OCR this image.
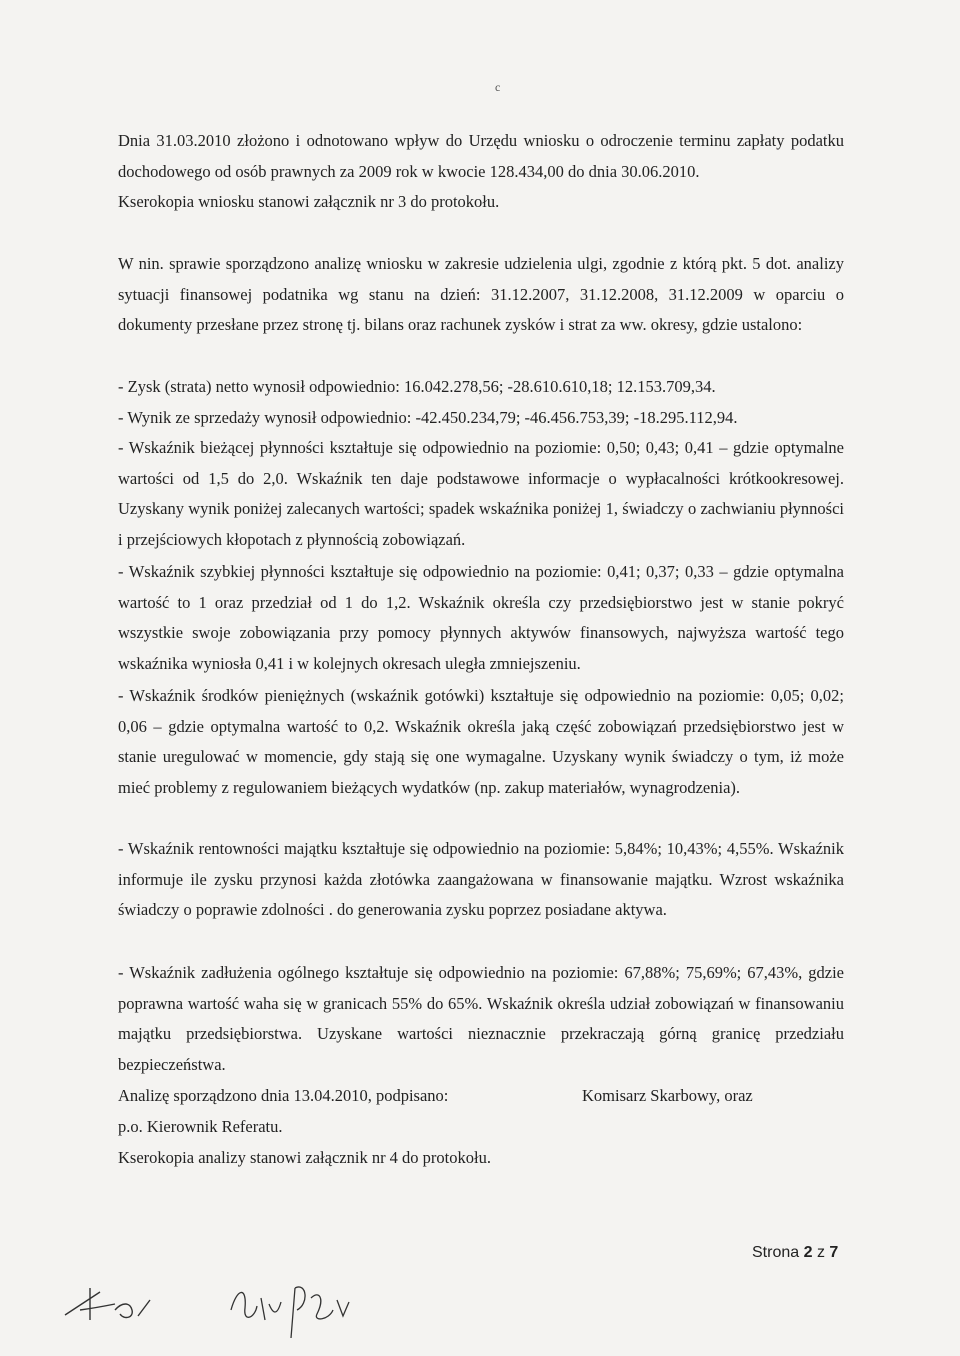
c

Dnia 31.03.2010 złożono i odnotowano wpływ do Urzędu wniosku o odroczenie terminu zapłaty podatku dochodowego od osób prawnych za 2009 rok w kwocie 128.434,00 do dnia 30.06.2010.

Kserokopia wniosku stanowi załącznik nr 3 do protokołu.

W nin. sprawie sporządzono analizę wniosku w zakresie udzielenia ulgi, zgodnie z którą pkt. 5 dot. analizy sytuacji finansowej podatnika wg stanu na dzień: 31.12.2007, 31.12.2008, 31.12.2009 w oparciu o dokumenty przesłane przez stronę tj. bilans oraz rachunek zysków i strat za ww. okresy, gdzie ustalono:

- Zysk (strata) netto wynosił odpowiednio: 16.042.278,56; -28.610.610,18; 12.153.709,34.

- Wynik ze sprzedaży wynosił odpowiednio: -42.450.234,79; -46.456.753,39; -18.295.112,94.

- Wskaźnik bieżącej płynności kształtuje się odpowiednio na poziomie: 0,50; 0,43; 0,41 – gdzie optymalne wartości od 1,5 do 2,0. Wskaźnik ten daje podstawowe informacje o wypłacalności krótkookresowej. Uzyskany wynik poniżej zalecanych wartości; spadek wskaźnika poniżej 1, świadczy o zachwianiu płynności i przejściowych kłopotach z płynnością zobowiązań.

- Wskaźnik szybkiej płynności kształtuje się odpowiednio na poziomie: 0,41; 0,37; 0,33 – gdzie optymalna wartość to 1 oraz przedział od 1 do 1,2. Wskaźnik określa czy przedsiębiorstwo jest w stanie pokryć wszystkie swoje zobowiązania przy pomocy płynnych aktywów finansowych, najwyższa wartość tego wskaźnika wyniosła 0,41 i w kolejnych okresach uległa zmniejszeniu.

- Wskaźnik środków pieniężnych (wskaźnik gotówki) kształtuje się odpowiednio na poziomie: 0,05; 0,02; 0,06 – gdzie optymalna wartość to 0,2. Wskaźnik określa jaką część zobowiązań przedsiębiorstwo jest w stanie uregulować w momencie, gdy stają się one wymagalne. Uzyskany wynik świadczy o tym, iż może mieć problemy z regulowaniem bieżących wydatków (np. zakup materiałów, wynagrodzenia).

- Wskaźnik rentowności majątku kształtuje się odpowiednio na poziomie: 5,84%; 10,43%; 4,55%. Wskaźnik informuje ile zysku przynosi każda złotówka zaangażowana w finansowanie majątku. Wzrost wskaźnika świadczy o poprawie zdolności . do generowania zysku poprzez posiadane aktywa.

- Wskaźnik zadłużenia ogólnego kształtuje się odpowiednio na poziomie: 67,88%; 75,69%; 67,43%, gdzie poprawna wartość waha się w granicach 55% do 65%. Wskaźnik określa udział zobowiązań w finansowaniu majątku przedsiębiorstwa. Uzyskane wartości nieznacznie przekraczają górną granicę przedziału bezpieczeństwa.

Analizę sporządzono dnia 13.04.2010, podpisano:	Komisarz Skarbowy, oraz

p.o. Kierownik Referatu.

Kserokopia analizy stanowi załącznik nr 4 do protokołu.

Strona 2 z 7
